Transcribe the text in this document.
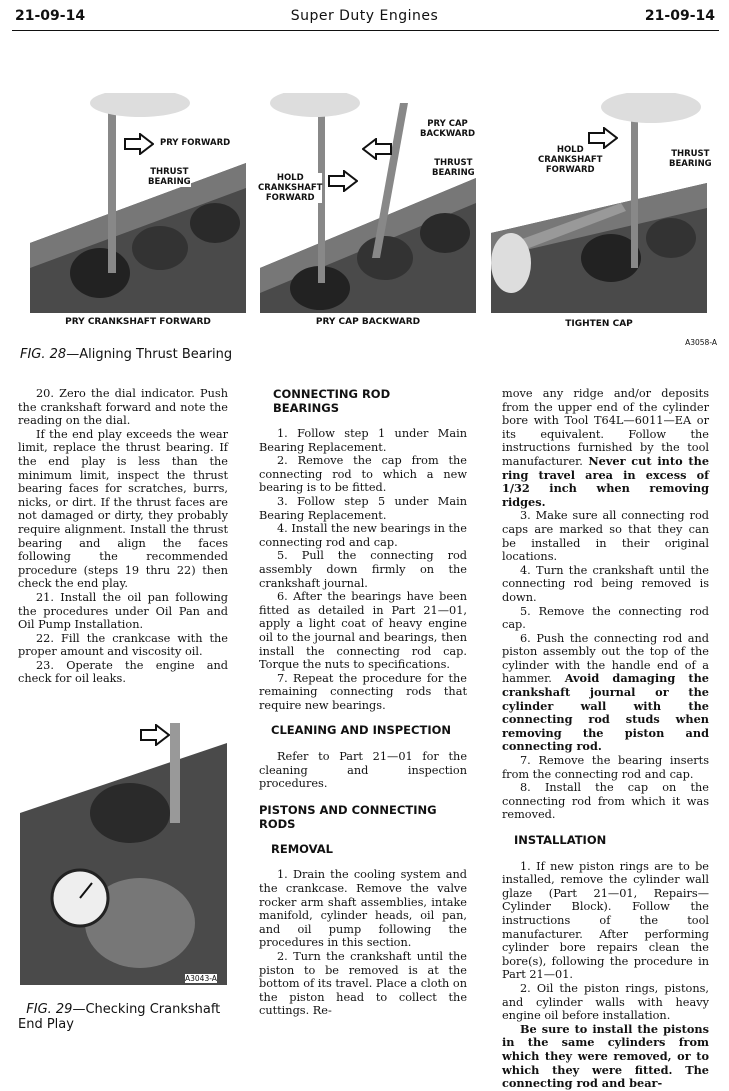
21-09-14	Super Duty Engines	21-09-14
PRY FORWARD
THRUST
BEARING
PRY CAP
BACKWARD
THRUST
BEARING
HOLD
CRANKSHAFT
FORWARD
HOLD
CRANKSHAFT
FORWARD
THRUST
BEARING
PRY CRANKSHAFT FORWARD	PRY CAP BACKWARD	TIGHTEN CAP
A3058-A
FIG. 28—Aligning Thrust Bearing

20. Zero the dial indicator. Push the crankshaft forward and note the reading on the dial.

If the end play exceeds the wear limit, replace the thrust bearing. If the end play is less than the minimum limit, inspect the thrust bearing faces for scratches, burrs, nicks, or dirt. If the thrust faces are not damaged or dirty, they probably require alignment. Install the thrust bearing and align the faces following the recommended procedure (steps 19 thru 22) then check the end play.

21. Install the oil pan following the procedures under Oil Pan and Oil Pump Installation.

22. Fill the crankcase with the proper amount and viscosity oil.

23. Operate the engine and check for oil leaks.

A3043-A

FIG. 29—Checking Crankshaft
End Play

CONNECTING ROD
BEARINGS

1. Follow step 1 under Main Bearing Replacement.

2. Remove the cap from the connecting rod to which a new bearing is to be fitted.

3. Follow step 5 under Main Bearing Replacement.

4. Install the new bearings in the connecting rod and cap.

5. Pull the connecting rod assembly down firmly on the crankshaft journal.

6. After the bearings have been fitted as detailed in Part 21—01, apply a light coat of heavy engine oil to the journal and bearings, then install the connecting rod cap. Torque the nuts to specifications.

7. Repeat the procedure for the remaining connecting rods that require new bearings.

CLEANING AND INSPECTION

Refer to Part 21—01 for the cleaning and inspection procedures.

PISTONS AND CONNECTING
RODS
REMOVAL

1. Drain the cooling system and the crankcase. Remove the valve rocker arm shaft assemblies, intake manifold, cylinder heads, oil pan, and oil pump following the procedures in this section.

2. Turn the crankshaft until the piston to be removed is at the bottom of its travel. Place a cloth on the piston head to collect the cuttings. Re-

move any ridge and/or deposits from the upper end of the cylinder bore with Tool T64L—6011—EA or its equivalent. Follow the instructions furnished by the tool manufacturer. Never cut into the ring travel area in excess of 1/32 inch when removing ridges.

3. Make sure all connecting rod caps are marked so that they can be installed in their original locations.

4. Turn the crankshaft until the connecting rod being removed is down.

5. Remove the connecting rod cap.

6. Push the connecting rod and piston assembly out the top of the cylinder with the handle end of a hammer. Avoid damaging the crankshaft journal or the cylinder wall with the connecting rod studs when removing the piston and connecting rod.

7. Remove the bearing inserts from the connecting rod and cap.

8. Install the cap on the connecting rod from which it was removed.

INSTALLATION

1. If new piston rings are to be installed, remove the cylinder wall glaze (Part 21—01, Repairs—Cylinder Block). Follow the instructions of the tool manufacturer. After performing cylinder bore repairs clean the bore(s), following the procedure in Part 21—01.

2. Oil the piston rings, pistons, and cylinder walls with heavy engine oil before installation.

Be sure to install the pistons in the same cylinders from which they were removed, or to which they were fitted. The connecting rod and bear-
